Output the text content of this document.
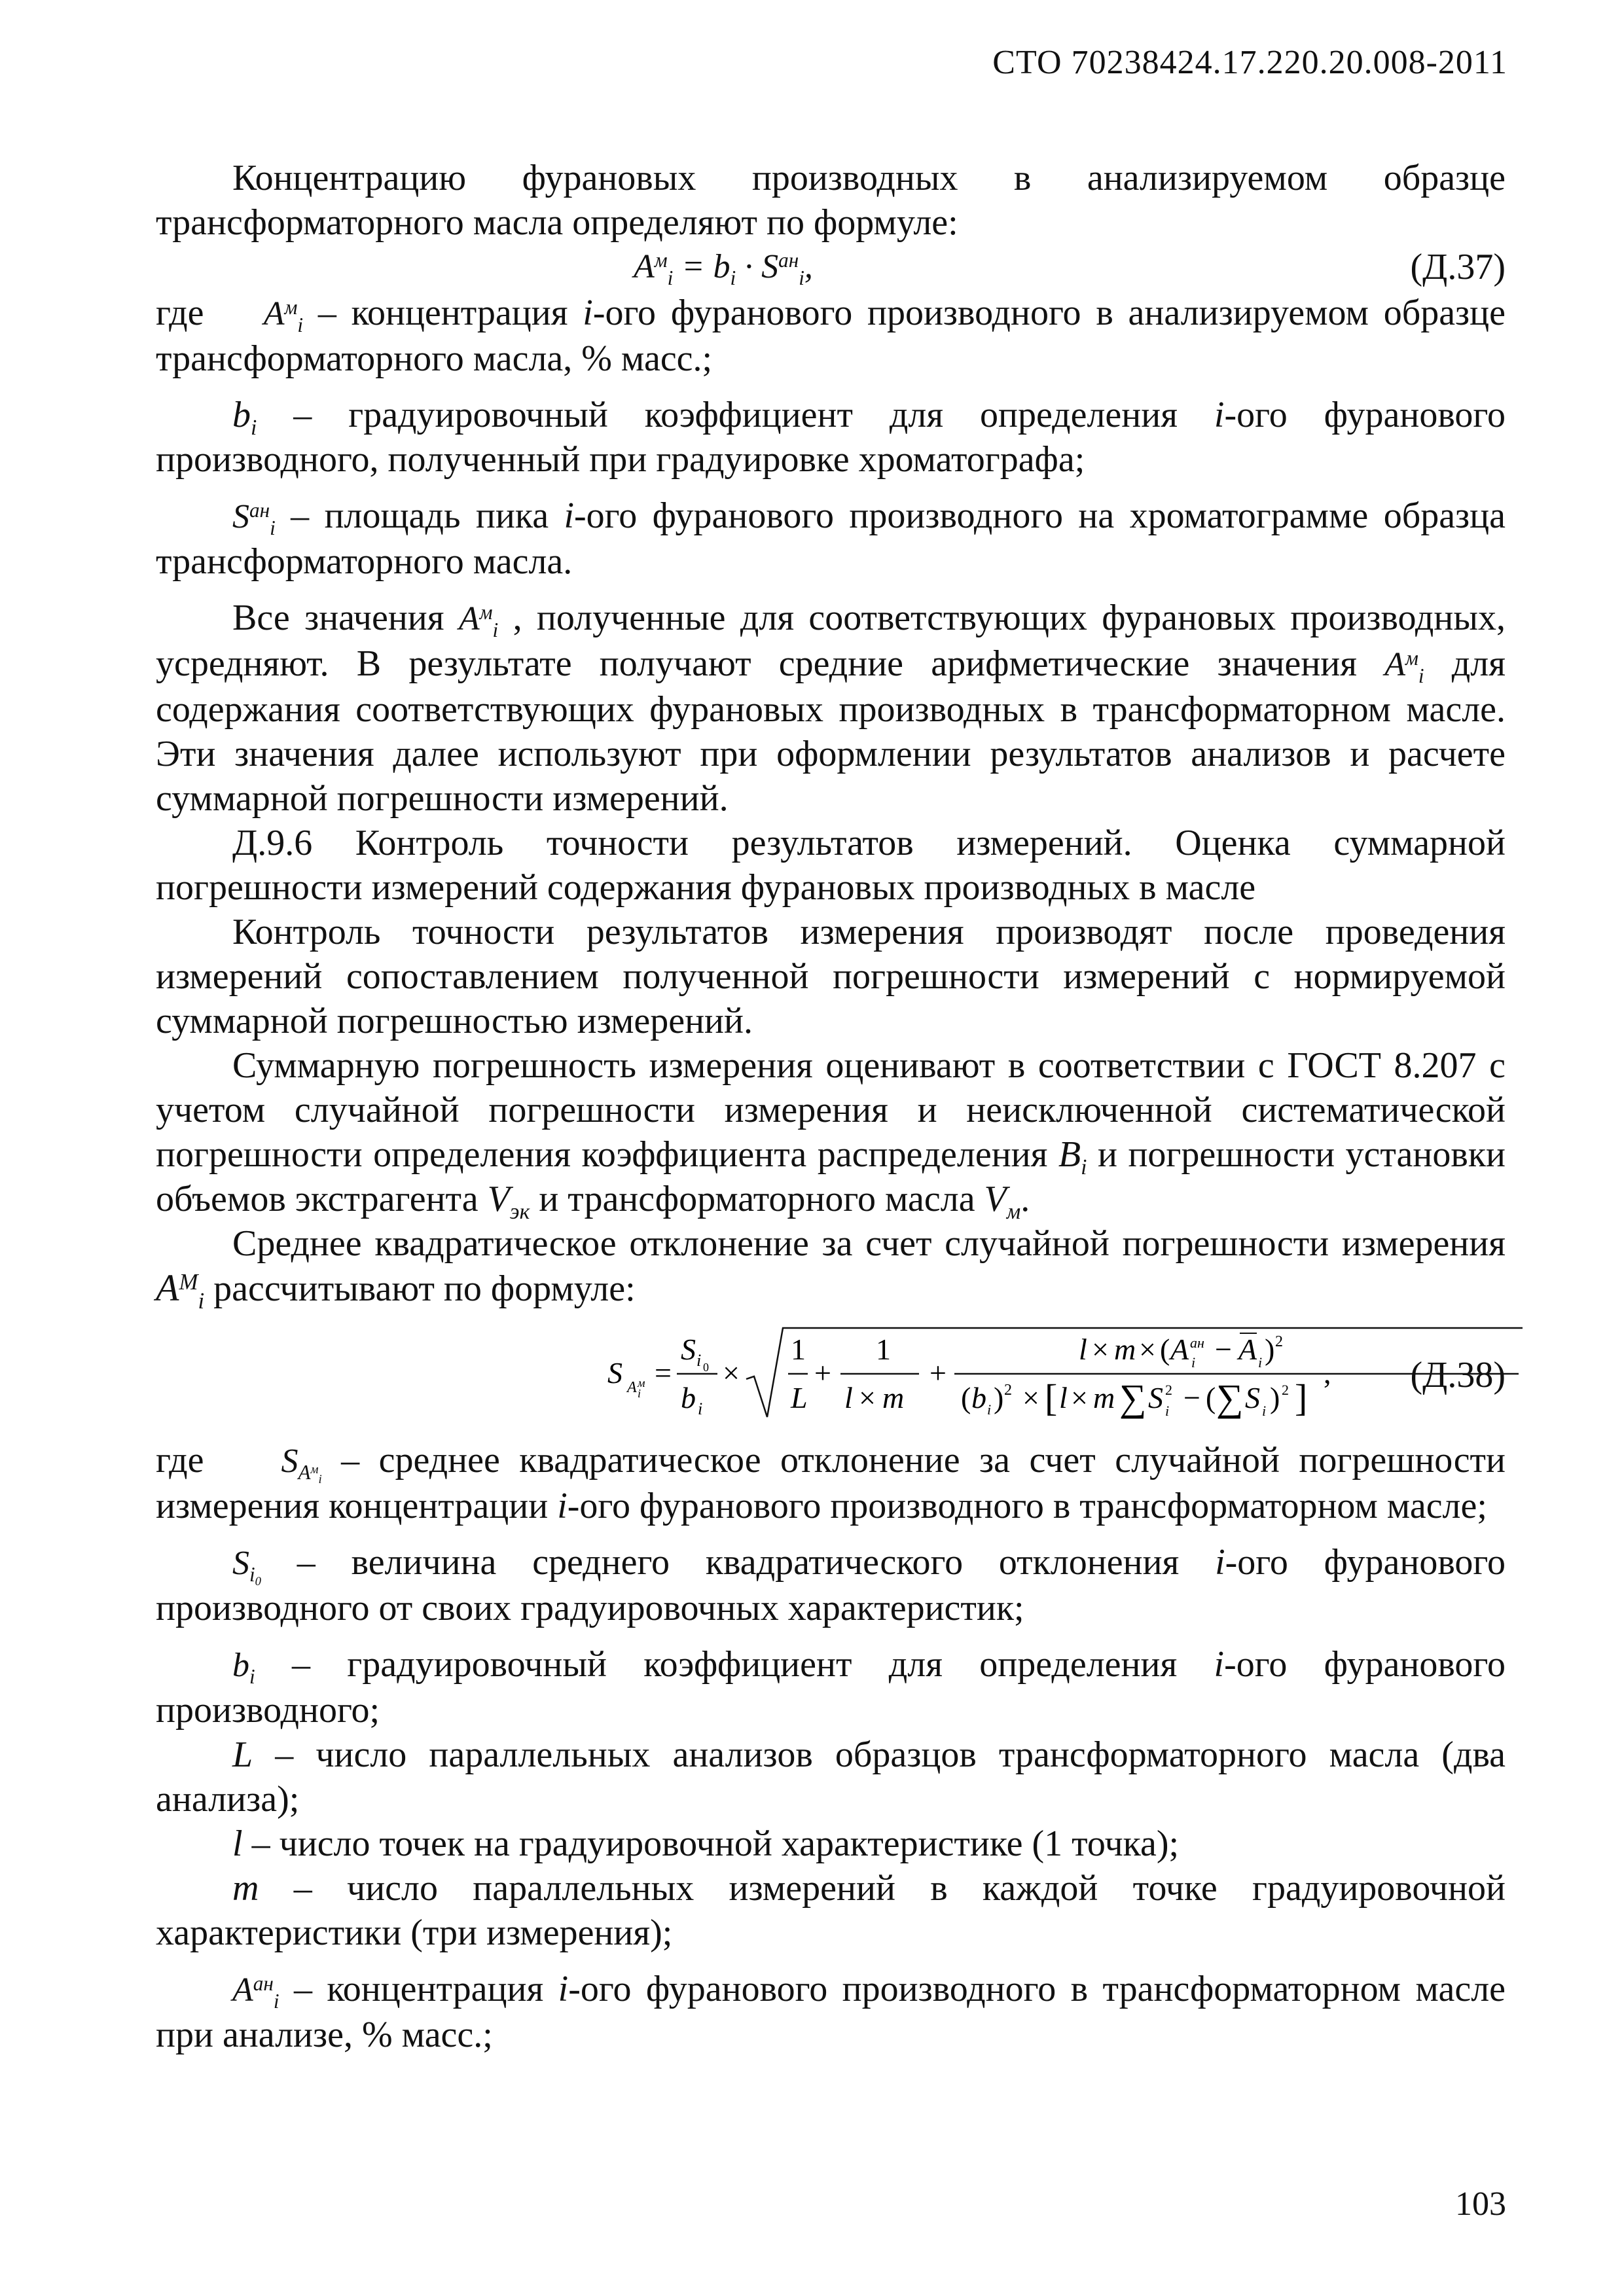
СТО 70238424.17.220.20.008-2011

Концентрацию фурановых производных в анализируемом образце трансформаторного масла определяют по формуле:

$A^м_i = b_i \cdot S^{ан}_i$,	(Д.37)

где $A^м_i$ – концентрация i-ого фуранового производного в анализируемом образце трансформаторного масла, % масс.;

$b_i$ – градуировочный коэффициент для определения i-ого фуранового производного, полученный при градуировке хроматографа;

$S^{ан}_i$ – площадь пика i-ого фуранового производного на хроматограмме образца трансформаторного масла.

Все значения $A^м_i$ , полученные для соответствующих фурановых производных, усредняют. В результате получают средние арифметические значения $A^м_i$ для содержания соответствующих фурановых производных в трансформаторном масле. Эти значения далее используют при оформлении результатов анализов и расчете суммарной погрешности измерений.

Д.9.6 Контроль точности результатов измерений. Оценка суммарной погрешности измерений содержания фурановых производных в масле

Контроль точности результатов измерения производят после проведения измерений сопоставлением полученной погрешности измерений с нормируемой суммарной погрешностью измерений.

Суммарную погрешность измерения оценивают в соответствии с ГОСТ 8.207 с учетом случайной погрешности измерения и неисключенной систематической погрешности определения коэффициента распределения $B_i$ и погрешности установки объемов экстрагента $V_{эк}$ и трансформаторного масла $V_м$.

Среднее квадратическое отклонение за счет случайной погрешности измерения $A^M_i$ рассчитывают по формуле:

S A м
i
=
S i 0
b i
×
1
L
+
1
l × m
+
l × m × ( A ан
i − A i ) 2
( b i ) 2 × [ l × m ∑ S 2
i − ( ∑ S i ) 2 ]
, (Д.38)

где $S_{A^м_i}$ – среднее квадратическое отклонение за счет случайной погрешности измерения концентрации i-ого фуранового производного в трансформаторном масле;

$S_{i_0}$ – величина среднего квадратического отклонения i-ого фуранового производного от своих градуировочных характеристик;

$b_i$ – градуировочный коэффициент для определения i-ого фуранового производного;

L – число параллельных анализов образцов трансформаторного масла (два анализа);

l – число точек на градуировочной характеристике (1 точка);

m – число параллельных измерений в каждой точке градуировочной характеристики (три измерения);

$A^{ан}_i$ – концентрация i-ого фуранового производного в трансформаторном масле при анализе, % масс.;

103
